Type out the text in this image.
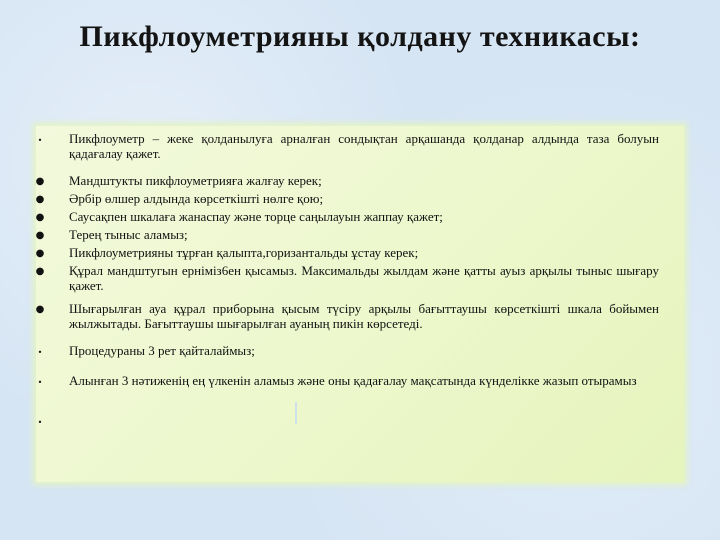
Пикфлоуметрияны қолдану техникасы:
•	Пикфлоуметр – жеке қолданылуға арналған сондықтан арқашанда қолданар алдында таза болуын қадағалау қажет.
● Мандштукты пикфлоуметрияға жалғау керек;
● Әрбір өлшер алдында көрсеткішті нөлге қою;
● Саусақпен шкалаға жанаспау және торце саңылауын жаппау қажет;
● Терең тыныс аламыз;
● Пикфлоуметрияны тұрған қалыпта,горизантальды ұстау керек;
● Құрал мандштугын ерніміз6ен қысамыз. Максимальды жылдам және қатты ауыз арқылы тыныс шығару қажет.
● Шығарылған ауа құрал приборына қысым түсіру арқылы бағыттаушы көрсеткішті шкала бойымен жылжытады. Бағыттаушы шығарылған ауаның пикін көрсетеді.
•	Процедураны 3 рет қайталаймыз;
•	Алынған 3 нәтиженің ең үлкенін аламыз және оны қадағалау мақсатында күнделікке жазып отырамыз
•
